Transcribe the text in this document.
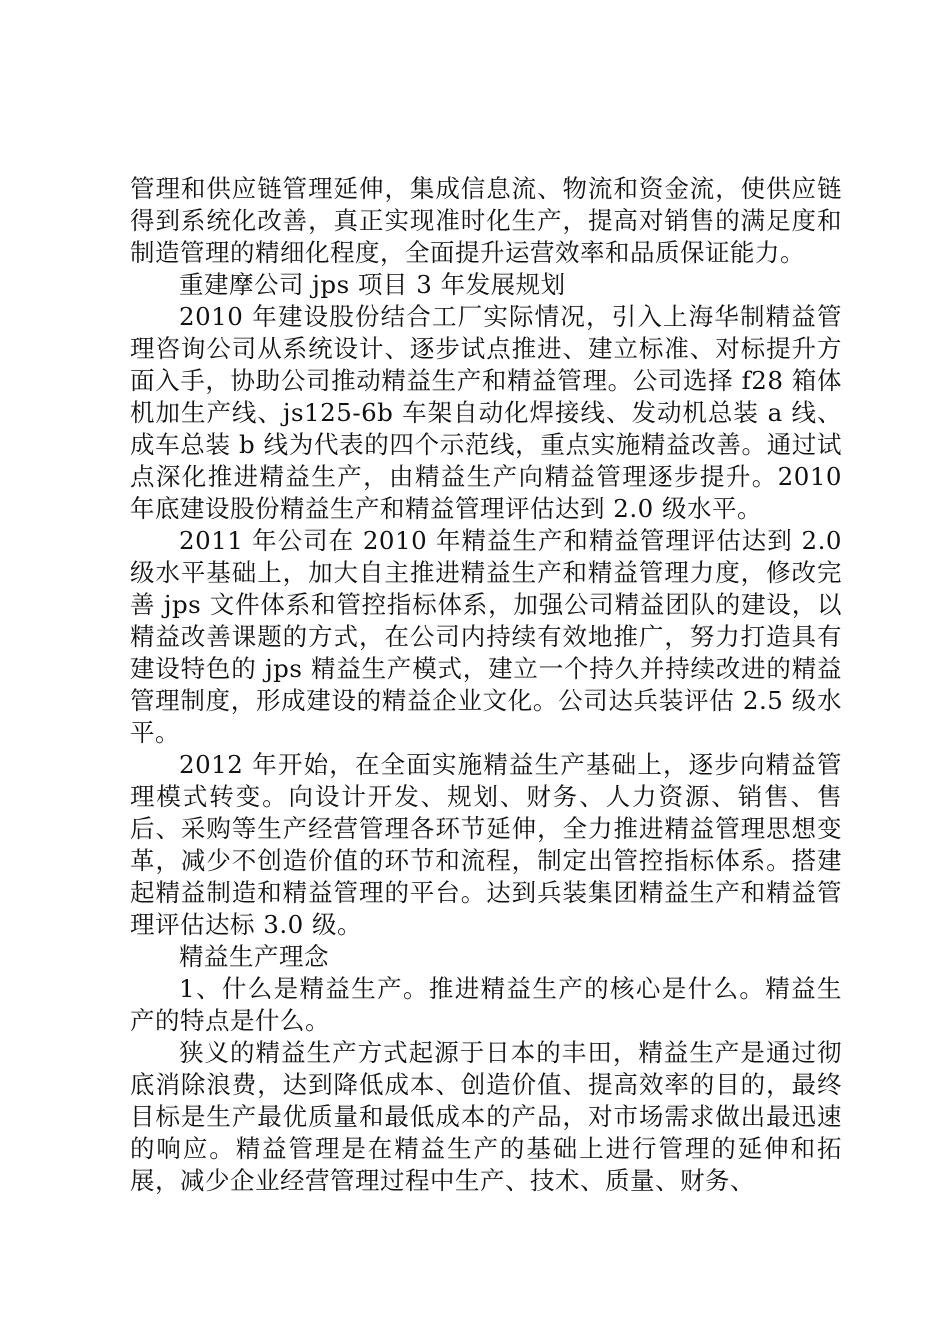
管理和供应链管理延伸，集成信息流、物流和资金流，使供应链得到系统化改善，真正实现准时化生产，提高对销售的满足度和制造管理的精细化程度，全面提升运营效率和品质保证能力。

重建摩公司 jps 项目 3 年发展规划

2010 年建设股份结合工厂实际情况，引入上海华制精益管理咨询公司从系统设计、逐步试点推进、建立标准、对标提升方面入手，协助公司推动精益生产和精益管理。公司选择 f28 箱体机加生产线、js125-6b 车架自动化焊接线、发动机总装 a 线、成车总装 b 线为代表的四个示范线，重点实施精益改善。通过试点深化推进精益生产，由精益生产向精益管理逐步提升。2010 年底建设股份精益生产和精益管理评估达到 2.0 级水平。

2011 年公司在 2010 年精益生产和精益管理评估达到 2.0 级水平基础上，加大自主推进精益生产和精益管理力度，修改完善 jps 文件体系和管控指标体系，加强公司精益团队的建设，以精益改善课题的方式，在公司内持续有效地推广，努力打造具有建设特色的 jps 精益生产模式，建立一个持久并持续改进的精益管理制度，形成建设的精益企业文化。公司达兵装评估 2.5 级水平。

2012 年开始，在全面实施精益生产基础上，逐步向精益管理模式转变。向设计开发、规划、财务、人力资源、销售、售后、采购等生产经营管理各环节延伸，全力推进精益管理思想变革，减少不创造价值的环节和流程，制定出管控指标体系。搭建起精益制造和精益管理的平台。达到兵装集团精益生产和精益管理评估达标 3.0 级。

精益生产理念

1、什么是精益生产。推进精益生产的核心是什么。精益生产的特点是什么。

狭义的精益生产方式起源于日本的丰田，精益生产是通过彻底消除浪费，达到降低成本、创造价值、提高效率的目的，最终目标是生产最优质量和最低成本的产品，对市场需求做出最迅速的响应。精益管理是在精益生产的基础上进行管理的延伸和拓展，减少企业经营管理过程中生产、技术、质量、财务、
